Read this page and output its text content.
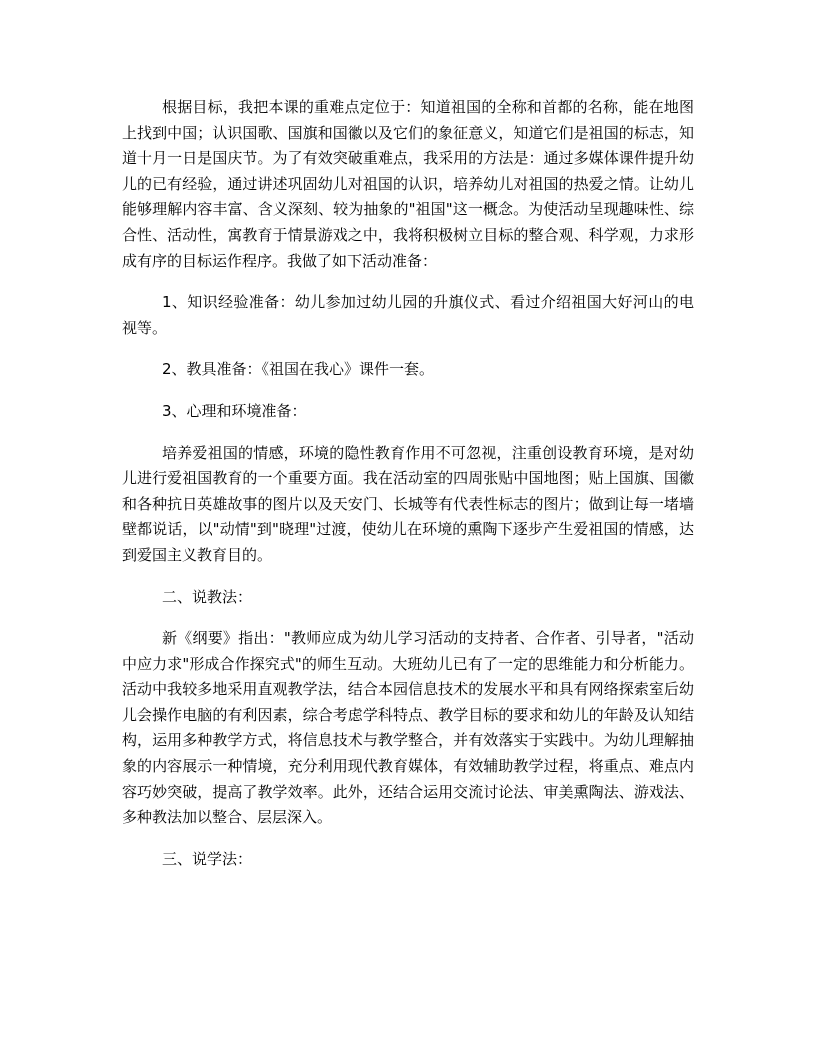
根据目标，我把本课的重难点定位于：知道祖国的全称和首都的名称，能在地图上找到中国；认识国歌、国旗和国徽以及它们的象征意义，知道它们是祖国的标志，知道十月一日是国庆节。为了有效突破重难点，我采用的方法是：通过多媒体课件提升幼儿的已有经验，通过讲述巩固幼儿对祖国的认识，培养幼儿对祖国的热爱之情。让幼儿能够理解内容丰富、含义深刻、较为抽象的"祖国"这一概念。为使活动呈现趣味性、综合性、活动性，寓教育于情景游戏之中，我将积极树立目标的整合观、科学观，力求形成有序的目标运作程序。我做了如下活动准备：

1、知识经验准备：幼儿参加过幼儿园的升旗仪式、看过介绍祖国大好河山的电视等。

2、教具准备：《祖国在我心》课件一套。

3、心理和环境准备：

培养爱祖国的情感，环境的隐性教育作用不可忽视，注重创设教育环境，是对幼儿进行爱祖国教育的一个重要方面。我在活动室的四周张贴中国地图；贴上国旗、国徽和各种抗日英雄故事的图片以及天安门、长城等有代表性标志的图片；做到让每一堵墙壁都说话，以"动情"到"晓理"过渡，使幼儿在环境的熏陶下逐步产生爱祖国的情感，达到爱国主义教育目的。

二、说教法：

新《纲要》指出："教师应成为幼儿学习活动的支持者、合作者、引导者，"活动中应力求"形成合作探究式"的师生互动。大班幼儿已有了一定的思维能力和分析能力。活动中我较多地采用直观教学法，结合本园信息技术的发展水平和具有网络探索室后幼儿会操作电脑的有利因素，综合考虑学科特点、教学目标的要求和幼儿的年龄及认知结构，运用多种教学方式，将信息技术与教学整合，并有效落实于实践中。为幼儿理解抽象的内容展示一种情境，充分利用现代教育媒体，有效辅助教学过程，将重点、难点内容巧妙突破，提高了教学效率。此外，还结合运用交流讨论法、审美熏陶法、游戏法、多种教法加以整合、层层深入。

三、说学法：
